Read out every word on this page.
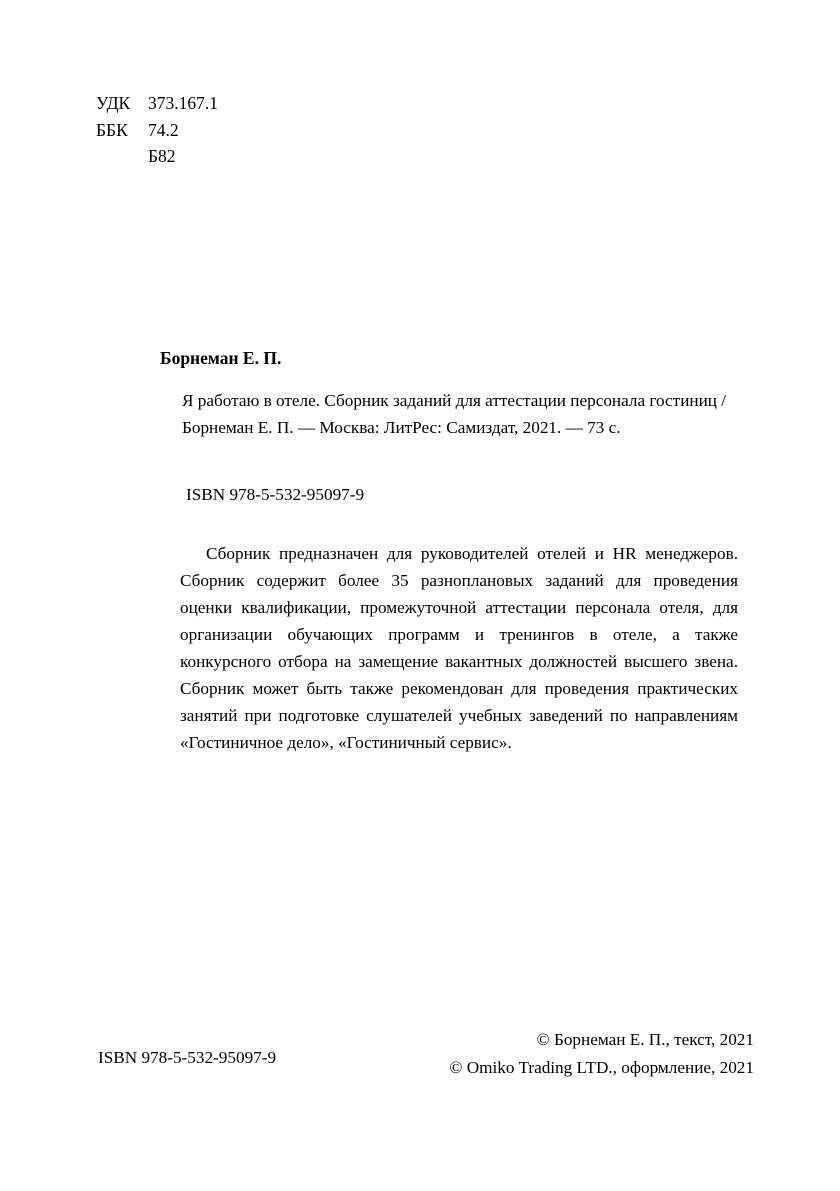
УДК	373.167.1
ББК	74.2
Б82
Борнеман Е. П.
Я работаю в отеле. Сборник заданий для аттестации персонала гостиниц / Борнеман Е. П. — Москва: ЛитРес: Самиздат, 2021. — 73 с.
ISBN 978-5-532-95097-9
Сборник предназначен для руководителей отелей и HR менеджеров. Сборник содержит более 35 разноплановых заданий для проведения оценки квалификации, промежуточной аттестации персонала отеля, для организации обучающих программ и тренингов в отеле, а также конкурсного отбора на замещение вакантных должностей высшего звена. Сборник может быть также рекомендован для проведения практических занятий при подготовке слушателей учебных заведений по направлениям «Гостиничное дело», «Гостиничный сервис».
© Борнеман Е. П., текст, 2021
© Omiko Trading LTD., оформление, 2021
ISBN 978-5-532-95097-9
